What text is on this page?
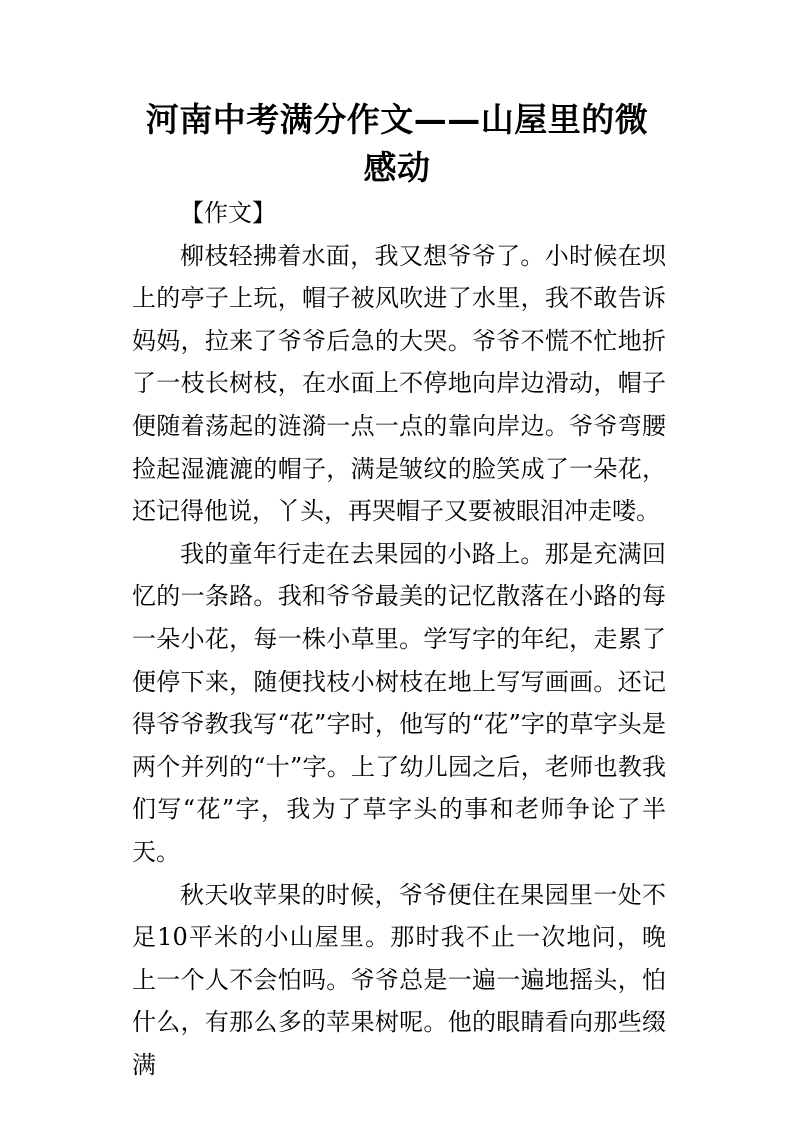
河南中考满分作文——山屋里的微感动

【作文】

柳枝轻拂着水面，我又想爷爷了。小时候在坝上的亭子上玩，帽子被风吹进了水里，我不敢告诉妈妈，拉来了爷爷后急的大哭。爷爷不慌不忙地折了一枝长树枝，在水面上不停地向岸边滑动，帽子便随着荡起的涟漪一点一点的靠向岸边。爷爷弯腰捡起湿漉漉的帽子，满是皱纹的脸笑成了一朵花，还记得他说，丫头，再哭帽子又要被眼泪冲走喽。

我的童年行走在去果园的小路上。那是充满回忆的一条路。我和爷爷最美的记忆散落在小路的每一朵小花，每一株小草里。学写字的年纪，走累了便停下来，随便找枝小树枝在地上写写画画。还记得爷爷教我写“花”字时，他写的“花”字的草字头是两个并列的“十”字。上了幼儿园之后，老师也教我们写“花”字，我为了草字头的事和老师争论了半天。

秋天收苹果的时候，爷爷便住在果园里一处不足10平米的小山屋里。那时我不止一次地问，晚上一个人不会怕吗。爷爷总是一遍一遍地摇头，怕什么，有那么多的苹果树呢。他的眼睛看向那些缀满
